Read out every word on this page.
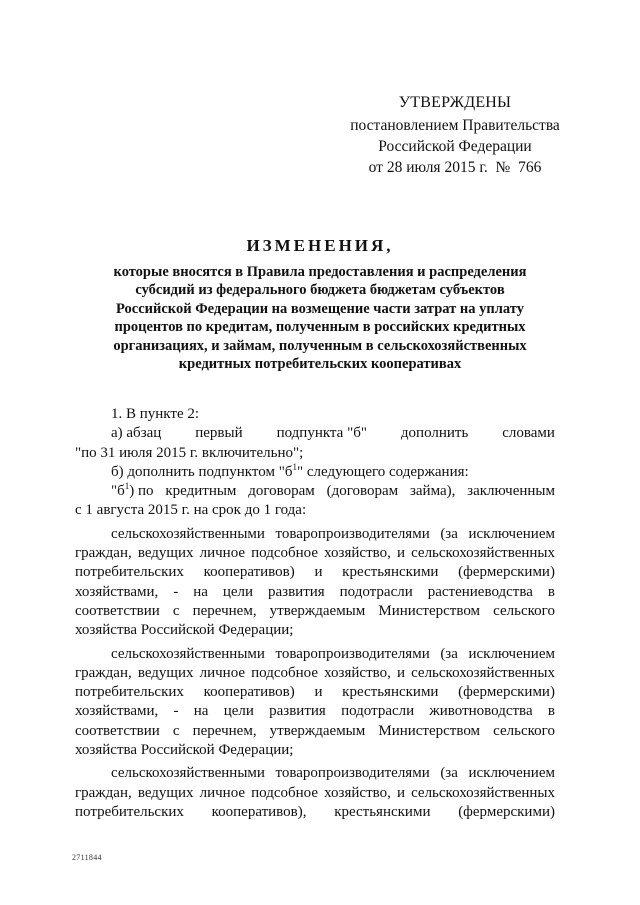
УТВЕРЖДЕНЫ
постановлением Правительства
Российской Федерации
от 28 июля 2015 г.  №  766
ИЗМЕНЕНИЯ,
которые вносятся в Правила предоставления и распределения
субсидий из федерального бюджета бюджетам субъектов
Российской Федерации на возмещение части затрат на уплату
процентов по кредитам, полученным в российских кредитных
организациях, и займам, полученным в сельскохозяйственных
кредитных потребительских кооперативах
1. В пункте 2:
а) абзац первый подпункта "б" дополнить словами
"по 31 июля 2015 г. включительно";
б) дополнить подпунктом "$б^1$" следующего содержания:
"$б^1$) по кредитным договорам (договорам займа), заключенным
с 1 августа 2015 г. на срок до 1 года:
сельскохозяйственными товаропроизводителями (за исключением
граждан, ведущих личное подсобное хозяйство, и сельскохозяйственных
потребительских кооперативов) и крестьянскими (фермерскими)
хозяйствами, - на цели развития подотрасли растениеводства в
соответствии с перечнем, утверждаемым Министерством сельского
хозяйства Российской Федерации;
сельскохозяйственными товаропроизводителями (за исключением
граждан, ведущих личное подсобное хозяйство, и сельскохозяйственных
потребительских кооперативов) и крестьянскими (фермерскими)
хозяйствами, - на цели развития подотрасли животноводства в
соответствии с перечнем, утверждаемым Министерством сельского
хозяйства Российской Федерации;
сельскохозяйственными товаропроизводителями (за исключением
граждан, ведущих личное подсобное хозяйство, и сельскохозяйственных
потребительских кооперативов), крестьянскими (фермерскими)
2711844
